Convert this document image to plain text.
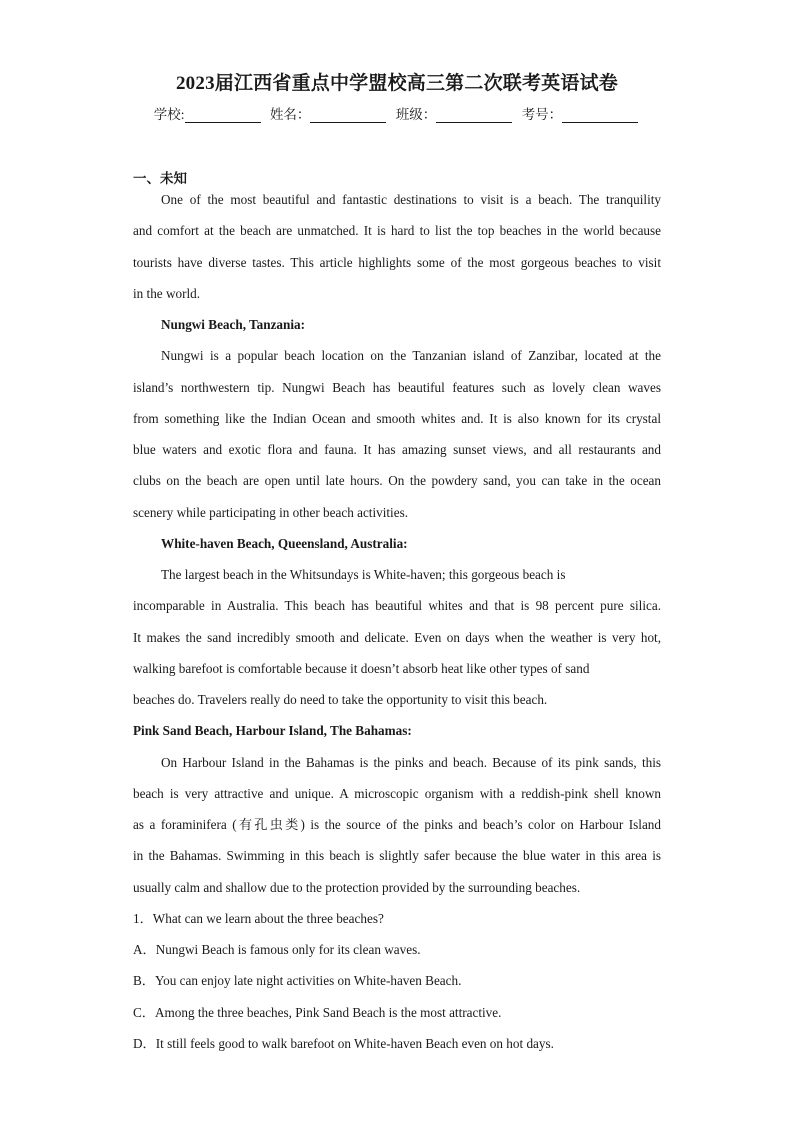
2023届江西省重点中学盟校高三第二次联考英语试卷
学校:	姓名：	班级：	考号：
一、未知
One of the most beautiful and fantastic destinations to visit is a beach. The tranquility
and comfort at the beach are unmatched. It is hard to list the top beaches in the world because
tourists have diverse tastes. This article highlights some of the most gorgeous beaches to visit
in the world.
Nungwi Beach, Tanzania:
Nungwi is a popular beach location on the Tanzanian island of Zanzibar, located at the
island’s northwestern tip. Nungwi Beach has beautiful features such as lovely clean waves
from something like the Indian Ocean and smooth whites and. It is also known for its crystal
blue waters and exotic flora and fauna. It has amazing sunset views, and all restaurants and
clubs on the beach are open until late hours. On the powdery sand, you can take in the ocean
scenery while participating in other beach activities.
White-haven Beach, Queensland, Australia:
The largest beach in the Whitsundays is White-haven; this gorgeous beach is
incomparable in Australia. This beach has beautiful whites and that is 98 percent pure silica.
It makes the sand incredibly smooth and delicate. Even on days when the weather is very hot,
walking barefoot is comfortable because it doesn’t absorb heat like other types of sand
beaches do. Travelers really do need to take the opportunity to visit this beach.
Pink Sand Beach, Harbour Island, The Bahamas:
On Harbour Island in the Bahamas is the pinks and beach. Because of its pink sands, this
beach is very attractive and unique. A microscopic organism with a reddish-pink shell known
as a foraminifera (有孔虫类) is the source of the pinks and beach’s color on Harbour Island
in the Bahamas. Swimming in this beach is slightly safer because the blue water in this area is
usually calm and shallow due to the protection provided by the surrounding beaches.
1．What can we learn about the three beaches?
A．Nungwi Beach is famous only for its clean waves.
B．You can enjoy late night activities on White-haven Beach.
C．Among the three beaches, Pink Sand Beach is the most attractive.
D．It still feels good to walk barefoot on White-haven Beach even on hot days.
